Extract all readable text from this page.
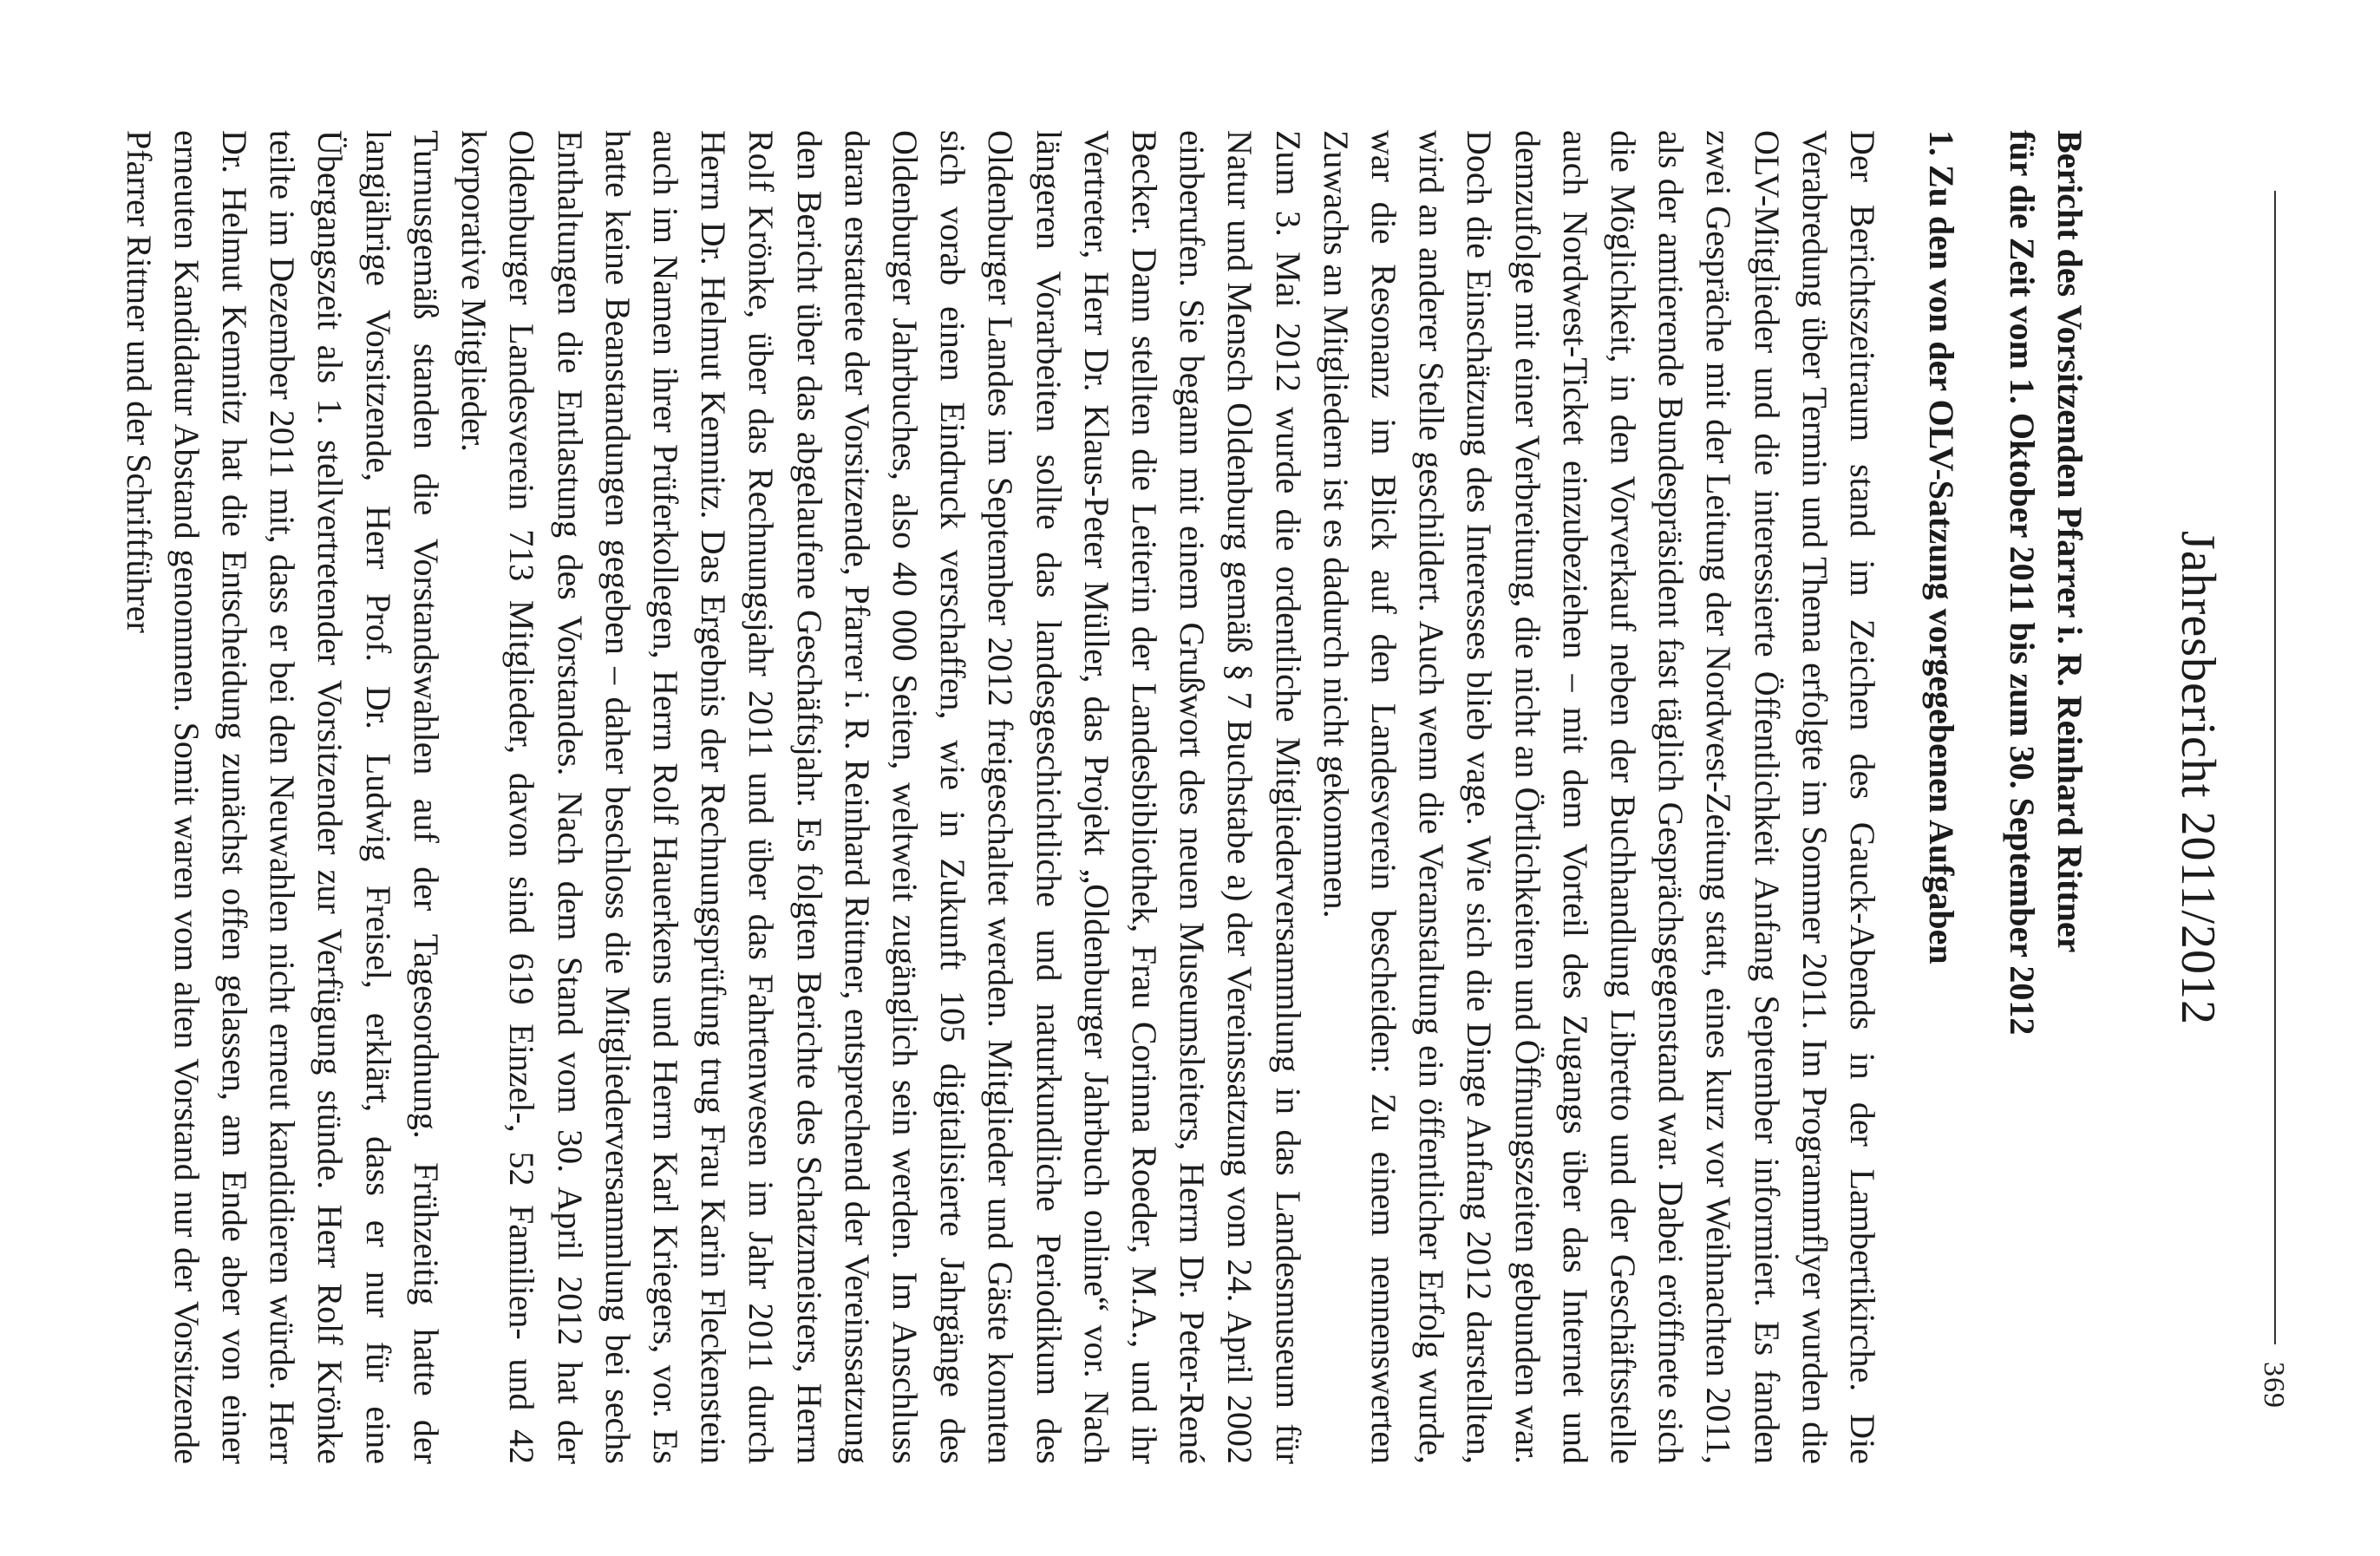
369
Jahresbericht 2011/2012
Bericht des Vorsitzenden Pfarrer i. R. Reinhard Rittner
für die Zeit vom 1. Oktober 2011 bis zum 30. September 2012
1. Zu den von der OLV-Satzung vorgegebenen Aufgaben

Der Berichtszeitraum stand im Zeichen des Gauck-Abends in der Lambertikirche. Die Verabredung über Termin und Thema erfolgte im Sommer 2011. Im Programmflyer wurden die OLV-Mitglieder und die interessierte Öffentlichkeit Anfang September informiert. Es fanden zwei Gespräche mit der Leitung der Nordwest-Zeitung statt, eines kurz vor Weihnachten 2011, als der amtierende Bundespräsident fast täglich Gesprächsgegenstand war. Dabei eröffnete sich die Möglichkeit, in den Vorverkauf neben der Buchhandlung Libretto und der Geschäftsstelle auch Nordwest-Ticket einzubeziehen – mit dem Vorteil des Zugangs über das Internet und demzufolge mit einer Verbreitung, die nicht an Örtlichkeiten und Öffnungszeiten gebunden war. Doch die Einschätzung des Interesses blieb vage. Wie sich die Dinge Anfang 2012 darstellten, wird an anderer Stelle geschildert. Auch wenn die Veranstaltung ein öffentlicher Erfolg wurde, war die Resonanz im Blick auf den Landesverein bescheiden: Zu einem nennenswerten Zuwachs an Mitgliedern ist es dadurch nicht gekommen.

Zum 3. Mai 2012 wurde die ordentliche Mitgliederversammlung in das Landesmuseum für Natur und Mensch Oldenburg gemäß § 7 Buchstabe a) der Vereinssatzung vom 24. April 2002 einberufen. Sie begann mit einem Grußwort des neuen Museumsleiters, Herrn Dr. Peter-René Becker. Dann stellten die Leiterin der Landesbibliothek, Frau Corinna Roeder, M.A., und ihr Vertreter, Herr Dr. Klaus-Peter Müller, das Projekt „Oldenburger Jahrbuch online“ vor. Nach längeren Vorarbeiten sollte das landesgeschichtliche und naturkundliche Periodikum des Oldenburger Landes im September 2012 freigeschaltet werden. Mitglieder und Gäste konnten sich vorab einen Eindruck verschaffen, wie in Zukunft 105 digitalisierte Jahrgänge des Oldenburger Jahrbuches, also 40 000 Seiten, weltweit zugänglich sein werden. Im Anschluss daran erstattete der Vorsitzende, Pfarrer i. R. Reinhard Rittner, entsprechend der Vereinssatzung den Bericht über das abgelaufene Geschäftsjahr. Es folgten Berichte des Schatzmeisters, Herrn Rolf Krönke, über das Rechnungsjahr 2011 und über das Fahrtenwesen im Jahr 2011 durch Herrn Dr. Helmut Kemnitz. Das Ergebnis der Rechnungsprüfung trug Frau Karin Fleckenstein auch im Namen ihrer Prüferkollegen, Herrn Rolf Hauerkens und Herrn Karl Kriegers, vor. Es hatte keine Beanstandungen gegeben – daher beschloss die Mitgliederversammlung bei sechs Enthaltungen die Entlastung des Vorstandes. Nach dem Stand vom 30. April 2012 hat der Oldenburger Landesverein 713 Mitglieder, davon sind 619 Einzel-, 52 Familien- und 42 korporative Mitglieder.

Turnusgemäß standen die Vorstandswahlen auf der Tagesordnung. Frühzeitig hatte der langjährige Vorsitzende, Herr Prof. Dr. Ludwig Freisel, erklärt, dass er nur für eine Übergangszeit als 1. stellvertretender Vorsitzender zur Verfügung stünde. Herr Rolf Krönke teilte im Dezember 2011 mit, dass er bei den Neuwahlen nicht erneut kandidieren würde. Herr Dr. Helmut Kemnitz hat die Entscheidung zunächst offen gelassen, am Ende aber von einer erneuten Kandidatur Abstand genommen. Somit waren vom alten Vorstand nur der Vorsitzende Pfarrer Rittner und der Schriftführer
